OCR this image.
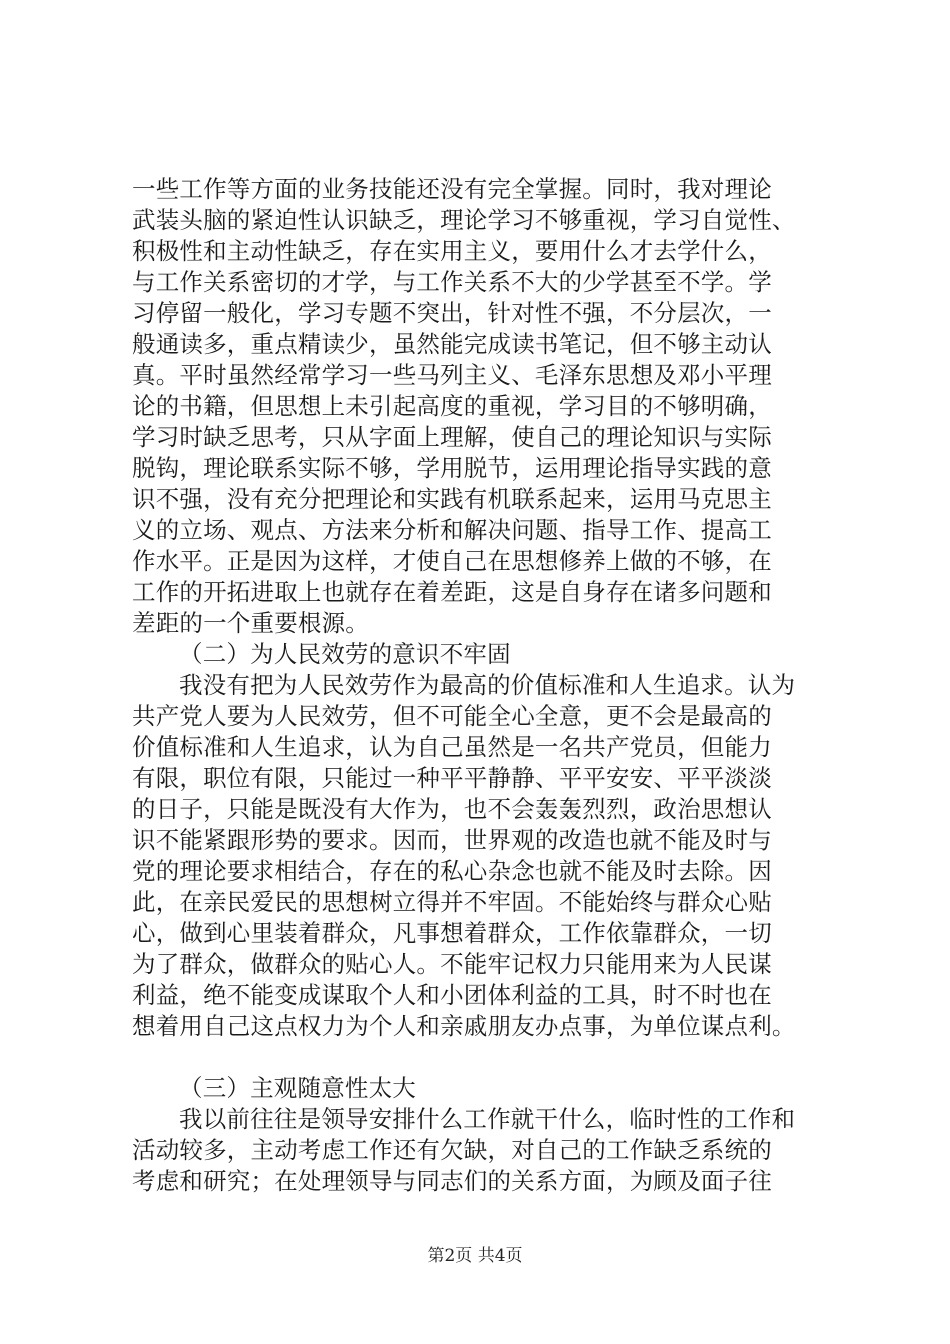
一些工作等方面的业务技能还没有完全掌握。同时，我对理论
武装头脑的紧迫性认识缺乏，理论学习不够重视，学习自觉性、
积极性和主动性缺乏，存在实用主义，要用什么才去学什么，
与工作关系密切的才学，与工作关系不大的少学甚至不学。学
习停留一般化，学习专题不突出，针对性不强，不分层次，一
般通读多，重点精读少，虽然能完成读书笔记，但不够主动认
真。平时虽然经常学习一些马列主义、毛泽东思想及邓小平理
论的书籍，但思想上未引起高度的重视，学习目的不够明确，
学习时缺乏思考，只从字面上理解，使自己的理论知识与实际
脱钩，理论联系实际不够，学用脱节，运用理论指导实践的意
识不强，没有充分把理论和实践有机联系起来，运用马克思主
义的立场、观点、方法来分析和解决问题、指导工作、提高工
作水平。正是因为这样，才使自己在思想修养上做的不够，在
工作的开拓进取上也就存在着差距，这是自身存在诸多问题和
差距的一个重要根源。
（二）为人民效劳的意识不牢固
我没有把为人民效劳作为最高的价值标准和人生追求。认为
共产党人要为人民效劳，但不可能全心全意，更不会是最高的
价值标准和人生追求，认为自己虽然是一名共产党员，但能力
有限，职位有限，只能过一种平平静静、平平安安、平平淡淡
的日子，只能是既没有大作为，也不会轰轰烈烈，政治思想认
识不能紧跟形势的要求。因而，世界观的改造也就不能及时与
党的理论要求相结合，存在的私心杂念也就不能及时去除。因
此，在亲民爱民的思想树立得并不牢固。不能始终与群众心贴
心，做到心里装着群众，凡事想着群众，工作依靠群众，一切
为了群众，做群众的贴心人。不能牢记权力只能用来为人民谋
利益，绝不能变成谋取个人和小团体利益的工具，时不时也在
想着用自己这点权力为个人和亲戚朋友办点事，为单位谋点利。
（三）主观随意性太大
我以前往往是领导安排什么工作就干什么，临时性的工作和
活动较多，主动考虑工作还有欠缺，对自己的工作缺乏系统的
考虑和研究；在处理领导与同志们的关系方面，为顾及面子往
第2页 共4页
